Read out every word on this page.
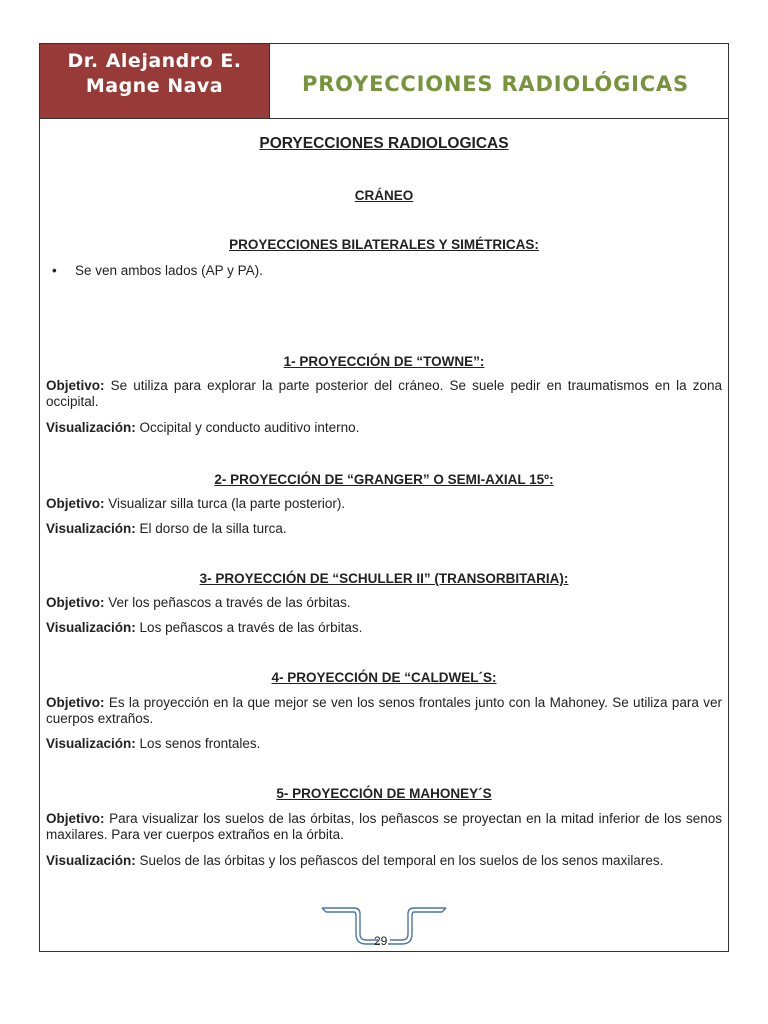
Dr. Alejandro E.
Magne Nava	PROYECCIONES RADIOLÓGICAS
PORYECCIONES RADIOLOGICAS
CRÁNEO
PROYECCIONES BILATERALES Y SIMÉTRICAS:
• Se ven ambos lados (AP y PA).
1- PROYECCIÓN DE “TOWNE”:
Objetivo: Se utiliza para explorar la parte posterior del cráneo. Se suele pedir en traumatismos en la zona occipital.
Visualización: Occipital y conducto auditivo interno.
2- PROYECCIÓN DE “GRANGER” O SEMI-AXIAL 15º:
Objetivo: Visualizar silla turca (la parte posterior).
Visualización: El dorso de la silla turca.
3- PROYECCIÓN DE “SCHULLER II” (TRANSORBITARIA):
Objetivo: Ver los peñascos a través de las órbitas.
Visualización: Los peñascos a través de las órbitas.
4- PROYECCIÓN DE “CALDWEL´S:
Objetivo: Es la proyección en la que mejor se ven los senos frontales junto con la Mahoney. Se utiliza para ver cuerpos extraños.
Visualización: Los senos frontales.
5- PROYECCIÓN DE MAHONEY´S
Objetivo: Para visualizar los suelos de las órbitas, los peñascos se proyectan en la mitad inferior de los senos maxilares. Para ver cuerpos extraños en la órbita.
Visualización: Suelos de las órbitas y los peñascos del temporal en los suelos de los senos maxilares.
29
